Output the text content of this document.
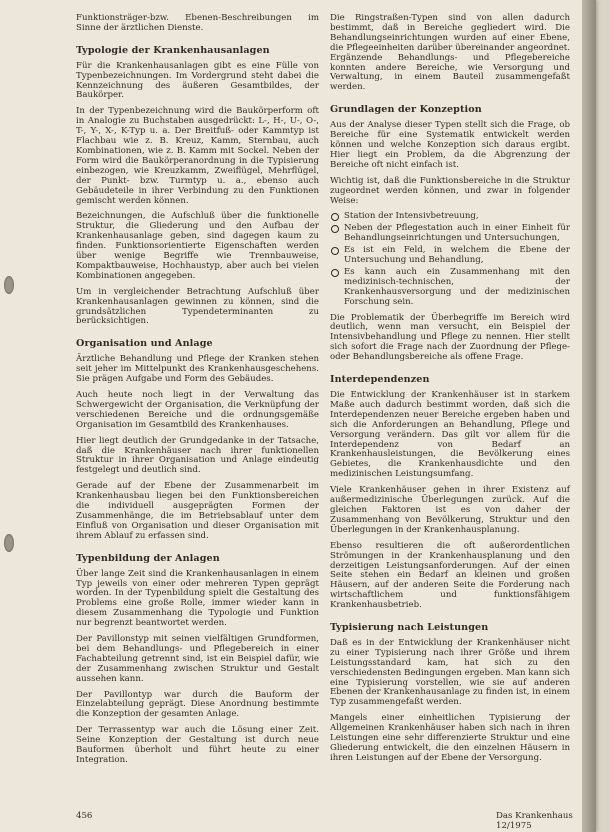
Funktionsträger-bzw. Ebenen-Beschreibungen im Sinne der ärztlichen Dienste.

Typologie der Krankenhausanlagen

Für die Krankenhausanlagen gibt es eine Fülle von Typenbezeichnungen. Im Vordergrund steht dabei die Kennzeichnung des äußeren Gesamtbildes, der Baukörper.

In der Typenbezeichnung wird die Baukörperform oft in Analogie zu Buchstaben ausgedrückt: L-, H-, U-, O-, T-, Y-, X-, K-Typ u. a. Der Breitfuß- oder Kammtyp ist Flachbau wie z. B. Kreuz, Kamm, Sternbau, auch Kombinationen, wie z. B. Kamm mit Sockel. Neben der Form wird die Baukörperanordnung in die Typisierung einbezogen, wie Kreuzkamm, Zweiflügel, Mehrflügel, der Punkt- bzw. Turmtyp u. a., ebenso auch Gebäudeteile in ihrer Verbindung zu den Funktionen gemischt werden können.

Bezeichnungen, die Aufschluß über die funktionelle Struktur, die Gliederung und den Aufbau der Krankenhausanlage geben, sind dagegen kaum zu finden. Funktionsorientierte Eigenschaften werden über wenige Begriffe wie Trennbauweise, Kompaktbauweise, Hochhaustyp, aber auch bei vielen Kombinationen angegeben.

Um in vergleichender Betrachtung Aufschluß über Krankenhausanlagen gewinnen zu können, sind die grundsätzlichen Typendeterminanten zu berücksichtigen.

Organisation und Anlage

Ärztliche Behandlung und Pflege der Kranken stehen seit jeher im Mittelpunkt des Krankenhausgeschehens. Sie prägen Aufgabe und Form des Gebäudes.

Auch heute noch liegt in der Verwaltung das Schwergewicht der Organisation, die Verknüpfung der verschiedenen Bereiche und die ordnungsgemäße Organisation im Gesamtbild des Krankenhauses.

Hier liegt deutlich der Grundgedanke in der Tatsache, daß die Krankenhäuser nach ihrer funktionellen Struktur in ihrer Organisation und Anlage eindeutig festgelegt und deutlich sind.

Gerade auf der Ebene der Zusammenarbeit im Krankenhausbau liegen bei den Funktionsbereichen die individuell ausgeprägten Formen der Zusammenhänge, die im Betriebsablauf unter dem Einfluß von Organisation und dieser Organisation mit ihrem Ablauf zu erfassen sind.

Typenbildung der Anlagen

Über lange Zeit sind die Krankenhausanlagen in einem Typ jeweils von einer oder mehreren Typen geprägt worden. In der Typenbildung spielt die Gestaltung des Problems eine große Rolle, immer wieder kann in diesem Zusammenhang die Typologie und Funktion nur begrenzt beantwortet werden.

Der Pavillonstyp mit seinen vielfältigen Grundformen, bei dem Behandlungs- und Pflegebereich in einer Fachabteilung getrennt sind, ist ein Beispiel dafür, wie der Zusammenhang zwischen Struktur und Gestalt aussehen kann.

Der Pavillontyp war durch die Bauform der Einzelabteilung geprägt. Diese Anordnung bestimmte die Konzeption der gesamten Anlage.

Der Terrassentyp war auch die Lösung einer Zeit. Seine Konzeption der Gestaltung ist durch neue Bauformen überholt und führt heute zu einer Integration.

Die Ringstraßen-Typen sind von allen dadurch bestimmt, daß in Bereiche gegliedert wird. Die Behandlungseinrichtungen wurden auf einer Ebene, die Pflegeeinheiten darüber übereinander angeordnet. Ergänzende Behandlungs- und Pflegebereiche konnten andere Bereiche, wie Versorgung und Verwaltung, in einem Bauteil zusammengefaßt werden.

Grundlagen der Konzeption

Aus der Analyse dieser Typen stellt sich die Frage, ob Bereiche für eine Systematik entwickelt werden können und welche Konzeption sich daraus ergibt. Hier liegt ein Problem, da die Abgrenzung der Bereiche oft nicht einfach ist.

Wichtig ist, daß die Funktionsbereiche in die Struktur zugeordnet werden können, und zwar in folgender Weise:

Station der Intensivbetreuung,
Neben der Pflegestation auch in einer Einheit für Behandlungseinrichtungen und Untersuchungen,
Es ist ein Feld, in welchem die Ebene der Untersuchung und Behandlung,
Es kann auch ein Zusammenhang mit den medizinisch-technischen, der Krankenhausversorgung und der medizinischen Forschung sein.

Die Problematik der Überbegriffe im Bereich wird deutlich, wenn man versucht, ein Beispiel der Intensivbehandlung und Pflege zu nennen. Hier stellt sich sofort die Frage nach der Zuordnung der Pflege- oder Behandlungsbereiche als offene Frage.

Interdependenzen

Die Entwicklung der Krankenhäuser ist in starkem Maße auch dadurch bestimmt worden, daß sich die Interdependenzen neuer Bereiche ergeben haben und sich die Anforderungen an Behandlung, Pflege und Versorgung verändern. Das gilt vor allem für die Interdependenz von Bedarf an Krankenhausleistungen, die Bevölkerung eines Gebietes, die Krankenhausdichte und den medizinischen Leistungsumfang.

Viele Krankenhäuser gehen in ihrer Existenz auf außermedizinische Überlegungen zurück. Auf die gleichen Faktoren ist es von daher der Zusammenhang von Bevölkerung, Struktur und den Überlegungen in der Krankenhausplanung.

Ebenso resultieren die oft außerordentlichen Strömungen in der Krankenhausplanung und den derzeitigen Leistungsanforderungen. Auf der einen Seite stehen ein Bedarf an kleinen und großen Häusern, auf der anderen Seite die Forderung nach wirtschaftlichem und funktionsfähigem Krankenhausbetrieb.

Typisierung nach Leistungen

Daß es in der Entwicklung der Krankenhäuser nicht zu einer Typisierung nach ihrer Größe und ihrem Leistungsstandard kam, hat sich zu den verschiedensten Bedingungen ergeben. Man kann sich eine Typisierung vorstellen, wie sie auf anderen Ebenen der Krankenhausanlage zu finden ist, in einem Typ zusammengefaßt werden.

Mangels einer einheitlichen Typisierung der Allgemeinen Krankenhäuser haben sich nach in ihren Leistungen eine sehr differenzierte Struktur und eine Gliederung entwickelt, die den einzelnen Häusern in ihren Leistungen auf der Ebene der Versorgung.

456	Das Krankenhaus 12/1975
